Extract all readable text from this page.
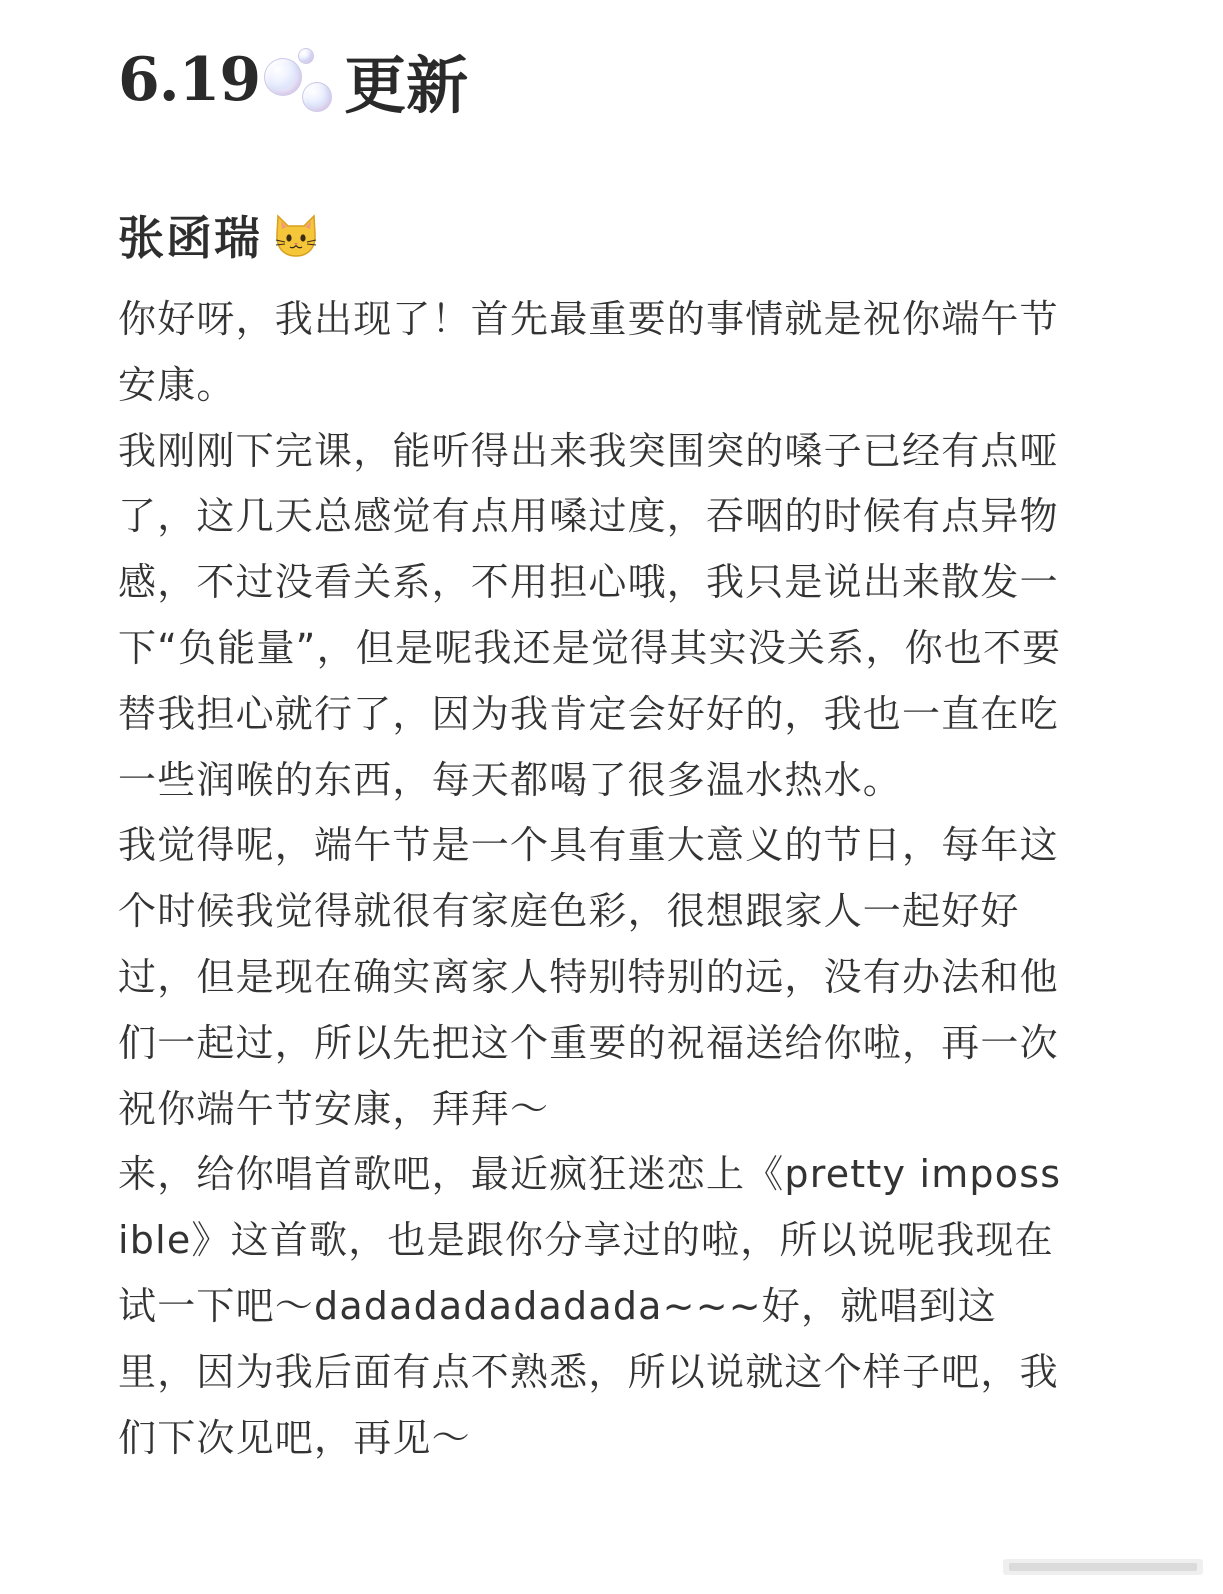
6.19 更新
张函瑞

你好呀，我出现了！首先最重要的事情就是祝你端午节安康。

我刚刚下完课，能听得出来我突围突的嗓子已经有点哑了，这几天总感觉有点用嗓过度，吞咽的时候有点异物感，不过没看关系，不用担心哦，我只是说出来散发一下“负能量”，但是呢我还是觉得其实没关系，你也不要替我担心就行了，因为我肯定会好好的，我也一直在吃一些润喉的东西，每天都喝了很多温水热水。

我觉得呢，端午节是一个具有重大意义的节日，每年这个时候我觉得就很有家庭色彩，很想跟家人一起好好过，但是现在确实离家人特别特别的远，没有办法和他们一起过，所以先把这个重要的祝福送给你啦，再一次祝你端午节安康，拜拜～

来，给你唱首歌吧，最近疯狂迷恋上《pretty impossible》这首歌，也是跟你分享过的啦，所以说呢我现在试一下吧～dadadadadadada~~~好，就唱到这里，因为我后面有点不熟悉，所以说就这个样子吧，我们下次见吧，再见～
